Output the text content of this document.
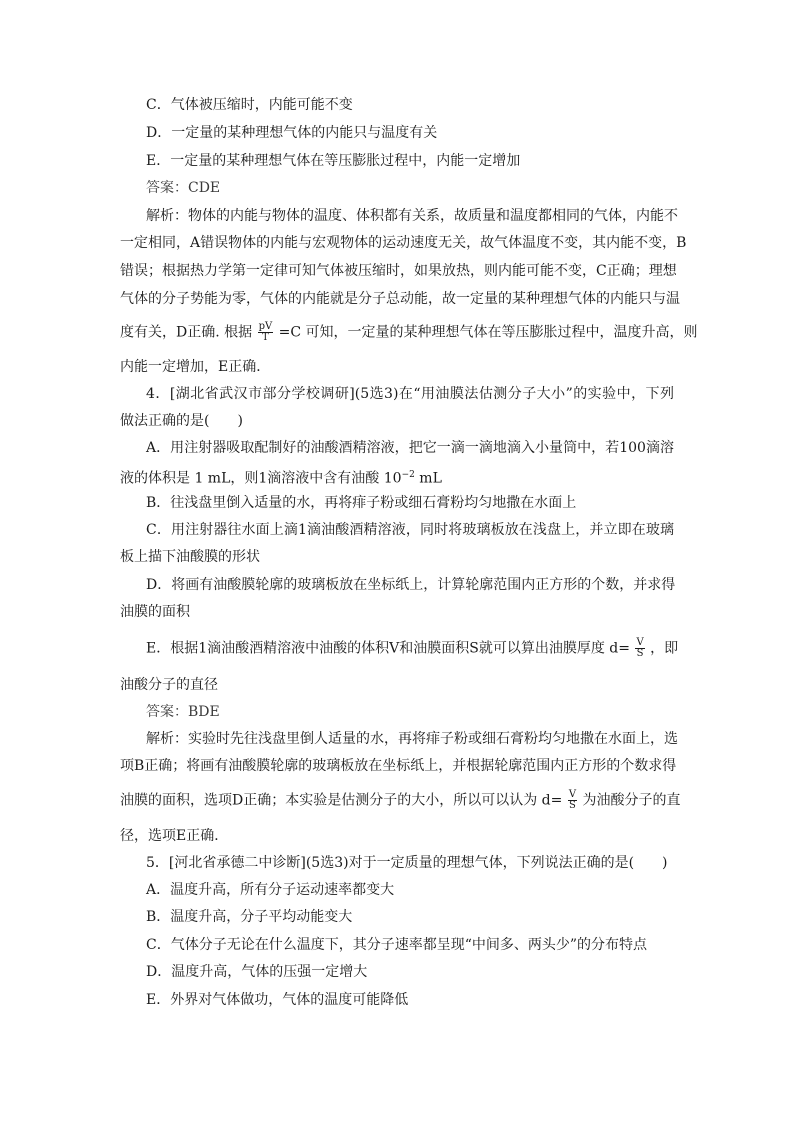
C．气体被压缩时，内能可能不变
D．一定量的某种理想气体的内能只与温度有关
E．一定量的某种理想气体在等压膨胀过程中，内能一定增加
答案：CDE
解析：物体的内能与物体的温度、体积都有关系，故质量和温度都相同的气体，内能不
一定相同，A错误物体的内能与宏观物体的运动速度无关，故气体温度不变，其内能不变，B
错误；根据热力学第一定律可知气体被压缩时，如果放热，则内能可能不变，C正确；理想
气体的分子势能为零，气体的内能就是分子总动能，故一定量的某种理想气体的内能只与温
度有关，D正确. 根据 $\frac{pV}{T} =C$ 可知，一定量的某种理想气体在等压膨胀过程中，温度升高，则
内能一定增加，E正确．
4．[湖北省武汉市部分学校调研](5选3)在“用油膜法估测分子大小”的实验中，下列
做法正确的是(　　)
A．用注射器吸取配制好的油酸酒精溶液，把它一滴一滴地滴入小量筒中，若100滴溶
液的体积是 1 mL，则1滴溶液中含有油酸 $10^{-2}$ mL
B．往浅盘里倒入适量的水，再将痱子粉或细石膏粉均匀地撒在水面上
C．用注射器往水面上滴1滴油酸酒精溶液，同时将玻璃板放在浅盘上，并立即在玻璃
板上描下油酸膜的形状
D．将画有油酸膜轮廓的玻璃板放在坐标纸上，计算轮廓范围内正方形的个数，并求得
油膜的面积
E．根据1滴油酸酒精溶液中油酸的体积V和油膜面积S就可以算出油膜厚度 $d= \frac{V}{S}$ ，即
油酸分子的直径
答案：BDE
解析：实验时先往浅盘里倒人适量的水，再将痱子粉或细石膏粉均匀地撒在水面上，选
项B正确；将画有油酸膜轮廓的玻璃板放在坐标纸上，并根据轮廓范围内正方形的个数求得
油膜的面积，选项D正确；本实验是估测分子的大小，所以可以认为 $d= \frac{V}{S}$ 为油酸分子的直
径，选项E正确．
5．[河北省承德二中诊断](5选3)对于一定质量的理想气体，下列说法正确的是(　　)
A．温度升高，所有分子运动速率都变大
B．温度升高，分子平均动能变大
C．气体分子无论在什么温度下，其分子速率都呈现“中间多、两头少”的分布特点
D．温度升高，气体的压强一定增大
E．外界对气体做功，气体的温度可能降低
